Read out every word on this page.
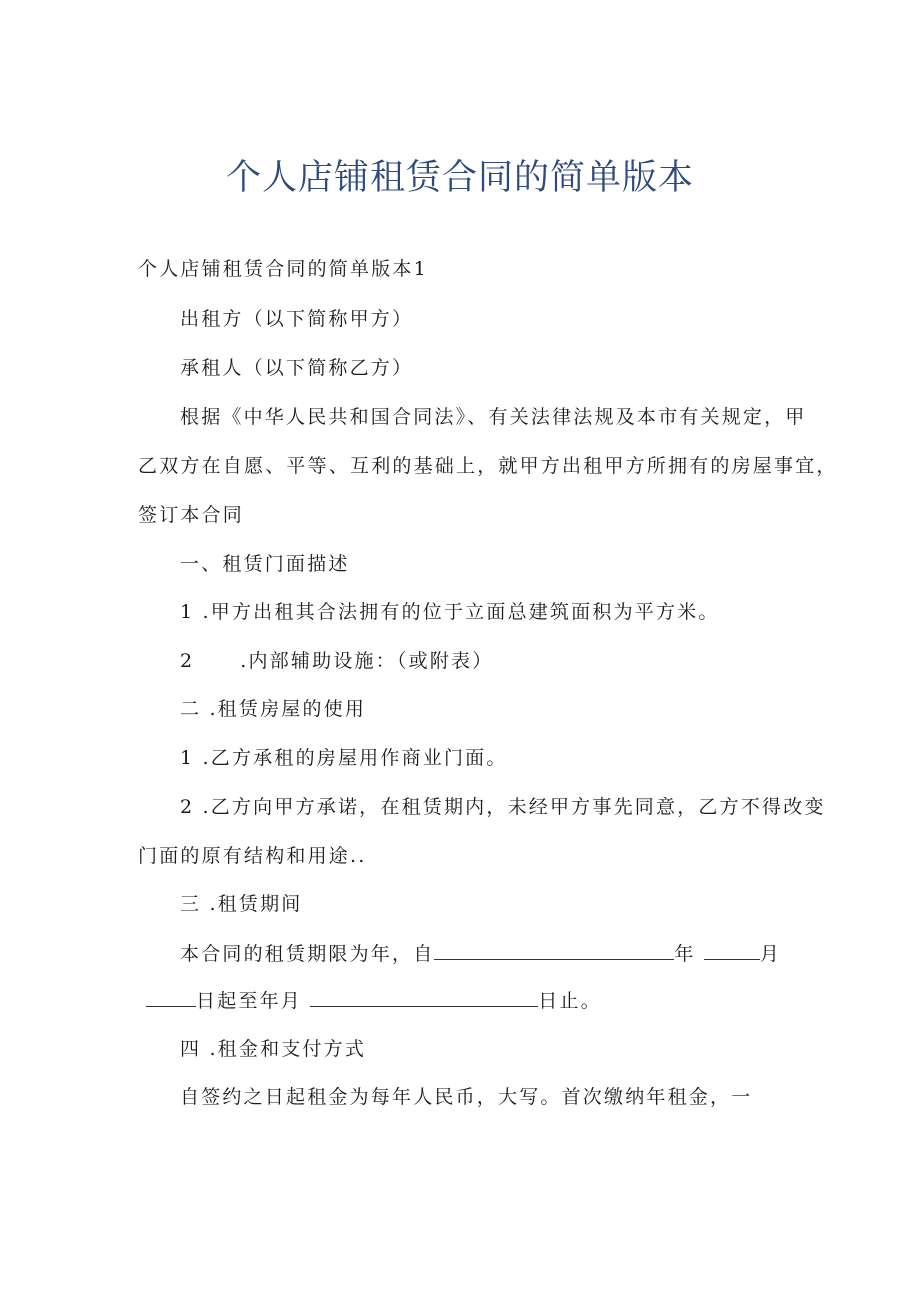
个人店铺租赁合同的简单版本
个人店铺租赁合同的简单版本1
出租方（以下简称甲方）
承租人（以下简称乙方）
根据《中华人民共和国合同法》、有关法律法规及本市有关规定，甲
乙双方在自愿、平等、互利的基础上，就甲方出租甲方所拥有的房屋事宜，
签订本合同
一、租赁门面描述
1 .甲方出租其合法拥有的位于立面总建筑面积为平方米。
2 .内部辅助设施：（或附表）
二 .租赁房屋的使用
1 .乙方承租的房屋用作商业门面。
2 .乙方向甲方承诺，在租赁期内，未经甲方事先同意，乙方不得改变
门面的原有结构和用途..
三 .租赁期间
本合同的租赁期限为年，自	年	月
日起至年月	日止。
四 .租金和支付方式
自签约之日起租金为每年人民币，大写。首次缴纳年租金，一
